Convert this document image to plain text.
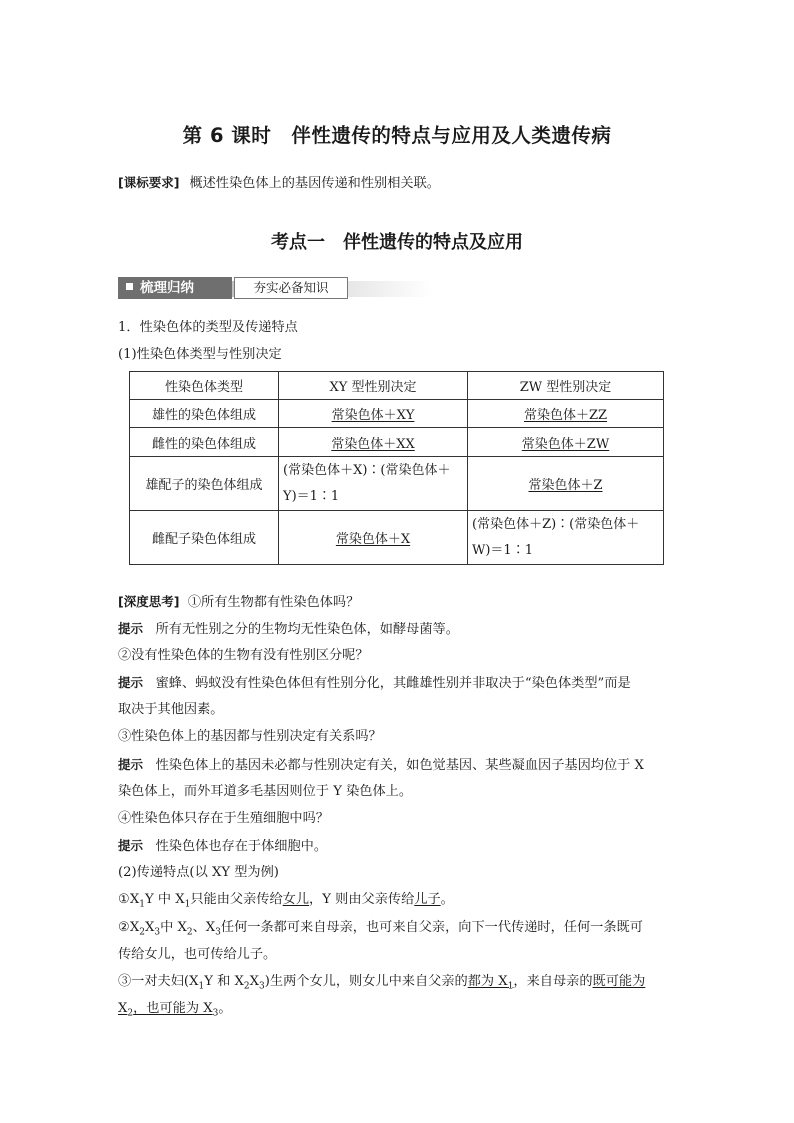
第 6 课时 伴性遗传的特点与应用及人类遗传病
[课标要求] 概述性染色体上的基因传递和性别相关联。
考点一 伴性遗传的特点及应用
梳理归纳	夯实必备知识
1．性染色体的类型及传递特点
(1)性染色体类型与性别决定
性染色体类型	XY 型性别决定	ZW 型性别决定
雄性的染色体组成	常染色体＋XY	常染色体＋ZZ
雌性的染色体组成	常染色体＋XX	常染色体＋ZW
雄配子的染色体组成	(常染色体＋X)∶(常染色体＋
Y)＝1∶1	常染色体＋Z
雌配子染色体组成	常染色体＋X	(常染色体＋Z)∶(常染色体＋
W)＝1∶1
[深度思考] ①所有生物都有性染色体吗？
提示 所有无性别之分的生物均无性染色体，如酵母菌等。
②没有性染色体的生物有没有性别区分呢？
提示 蜜蜂、蚂蚁没有性染色体但有性别分化，其雌雄性别并非取决于“染色体类型”而是
取决于其他因素。
③性染色体上的基因都与性别决定有关系吗？
提示 性染色体上的基因未必都与性别决定有关，如色觉基因、某些凝血因子基因均位于 X
染色体上，而外耳道多毛基因则位于 Y 染色体上。
④性染色体只存在于生殖细胞中吗？
提示 性染色体也存在于体细胞中。
(2)传递特点(以 XY 型为例)
$①X_1Y$ 中 $X_1$只能由父亲传给女儿，Y 则由父亲传给儿子。
$②X_2X_3$中 $X_2$、$X_3$任何一条都可来自母亲，也可来自父亲，向下一代传递时，任何一条既可
传给女儿，也可传给儿子。
③一对夫妇($X_1Y$ 和 $X_2X_3$)生两个女儿，则女儿中来自父亲的都为 $X_1$，来自母亲的既可能为
$X_2$，也可能为 $X_3$。
